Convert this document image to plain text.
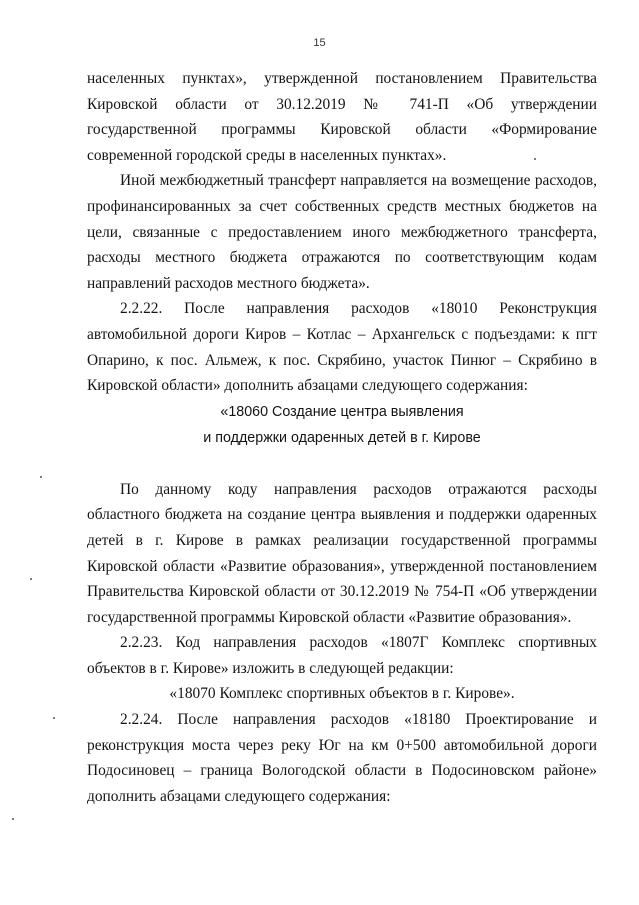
15

населенных пунктах», утвержденной постановлением Правительства Кировской области от 30.12.2019 № 741-П «Об утверждении государственной программы Кировской области «Формирование современной городской среды в населенных пунктах».

Иной межбюджетный трансферт направляется на возмещение расходов, профинансированных за счет собственных средств местных бюджетов на цели, связанные с предоставлением иного межбюджетного трансферта, расходы местного бюджета отражаются по соответствующим кодам направлений расходов местного бюджета».

2.2.22. После направления расходов «18010 Реконструкция автомобильной дороги Киров – Котлас – Архангельск с подъездами: к пгт Опарино, к пос. Альмеж, к пос. Скрябино, участок Пинюг – Скрябино в Кировской области» дополнить абзацами следующего содержания:

«18060 Создание центра выявления

и поддержки одаренных детей в г. Кирове

По данному коду направления расходов отражаются расходы областного бюджета на создание центра выявления и поддержки одаренных детей в г. Кирове в рамках реализации государственной программы Кировской области «Развитие образования», утвержденной постановлением Правительства Кировской области от 30.12.2019 № 754-П «Об утверждении государственной программы Кировской области «Развитие образования».

2.2.23. Код направления расходов «1807Г Комплекс спортивных объектов в г. Кирове» изложить в следующей редакции:

«18070 Комплекс спортивных объектов в г. Кирове».

2.2.24. После направления расходов «18180 Проектирование и реконструкция моста через реку Юг на км 0+500 автомобильной дороги Подосиновец – граница Вологодской области в Подосиновском районе» дополнить абзацами следующего содержания:
